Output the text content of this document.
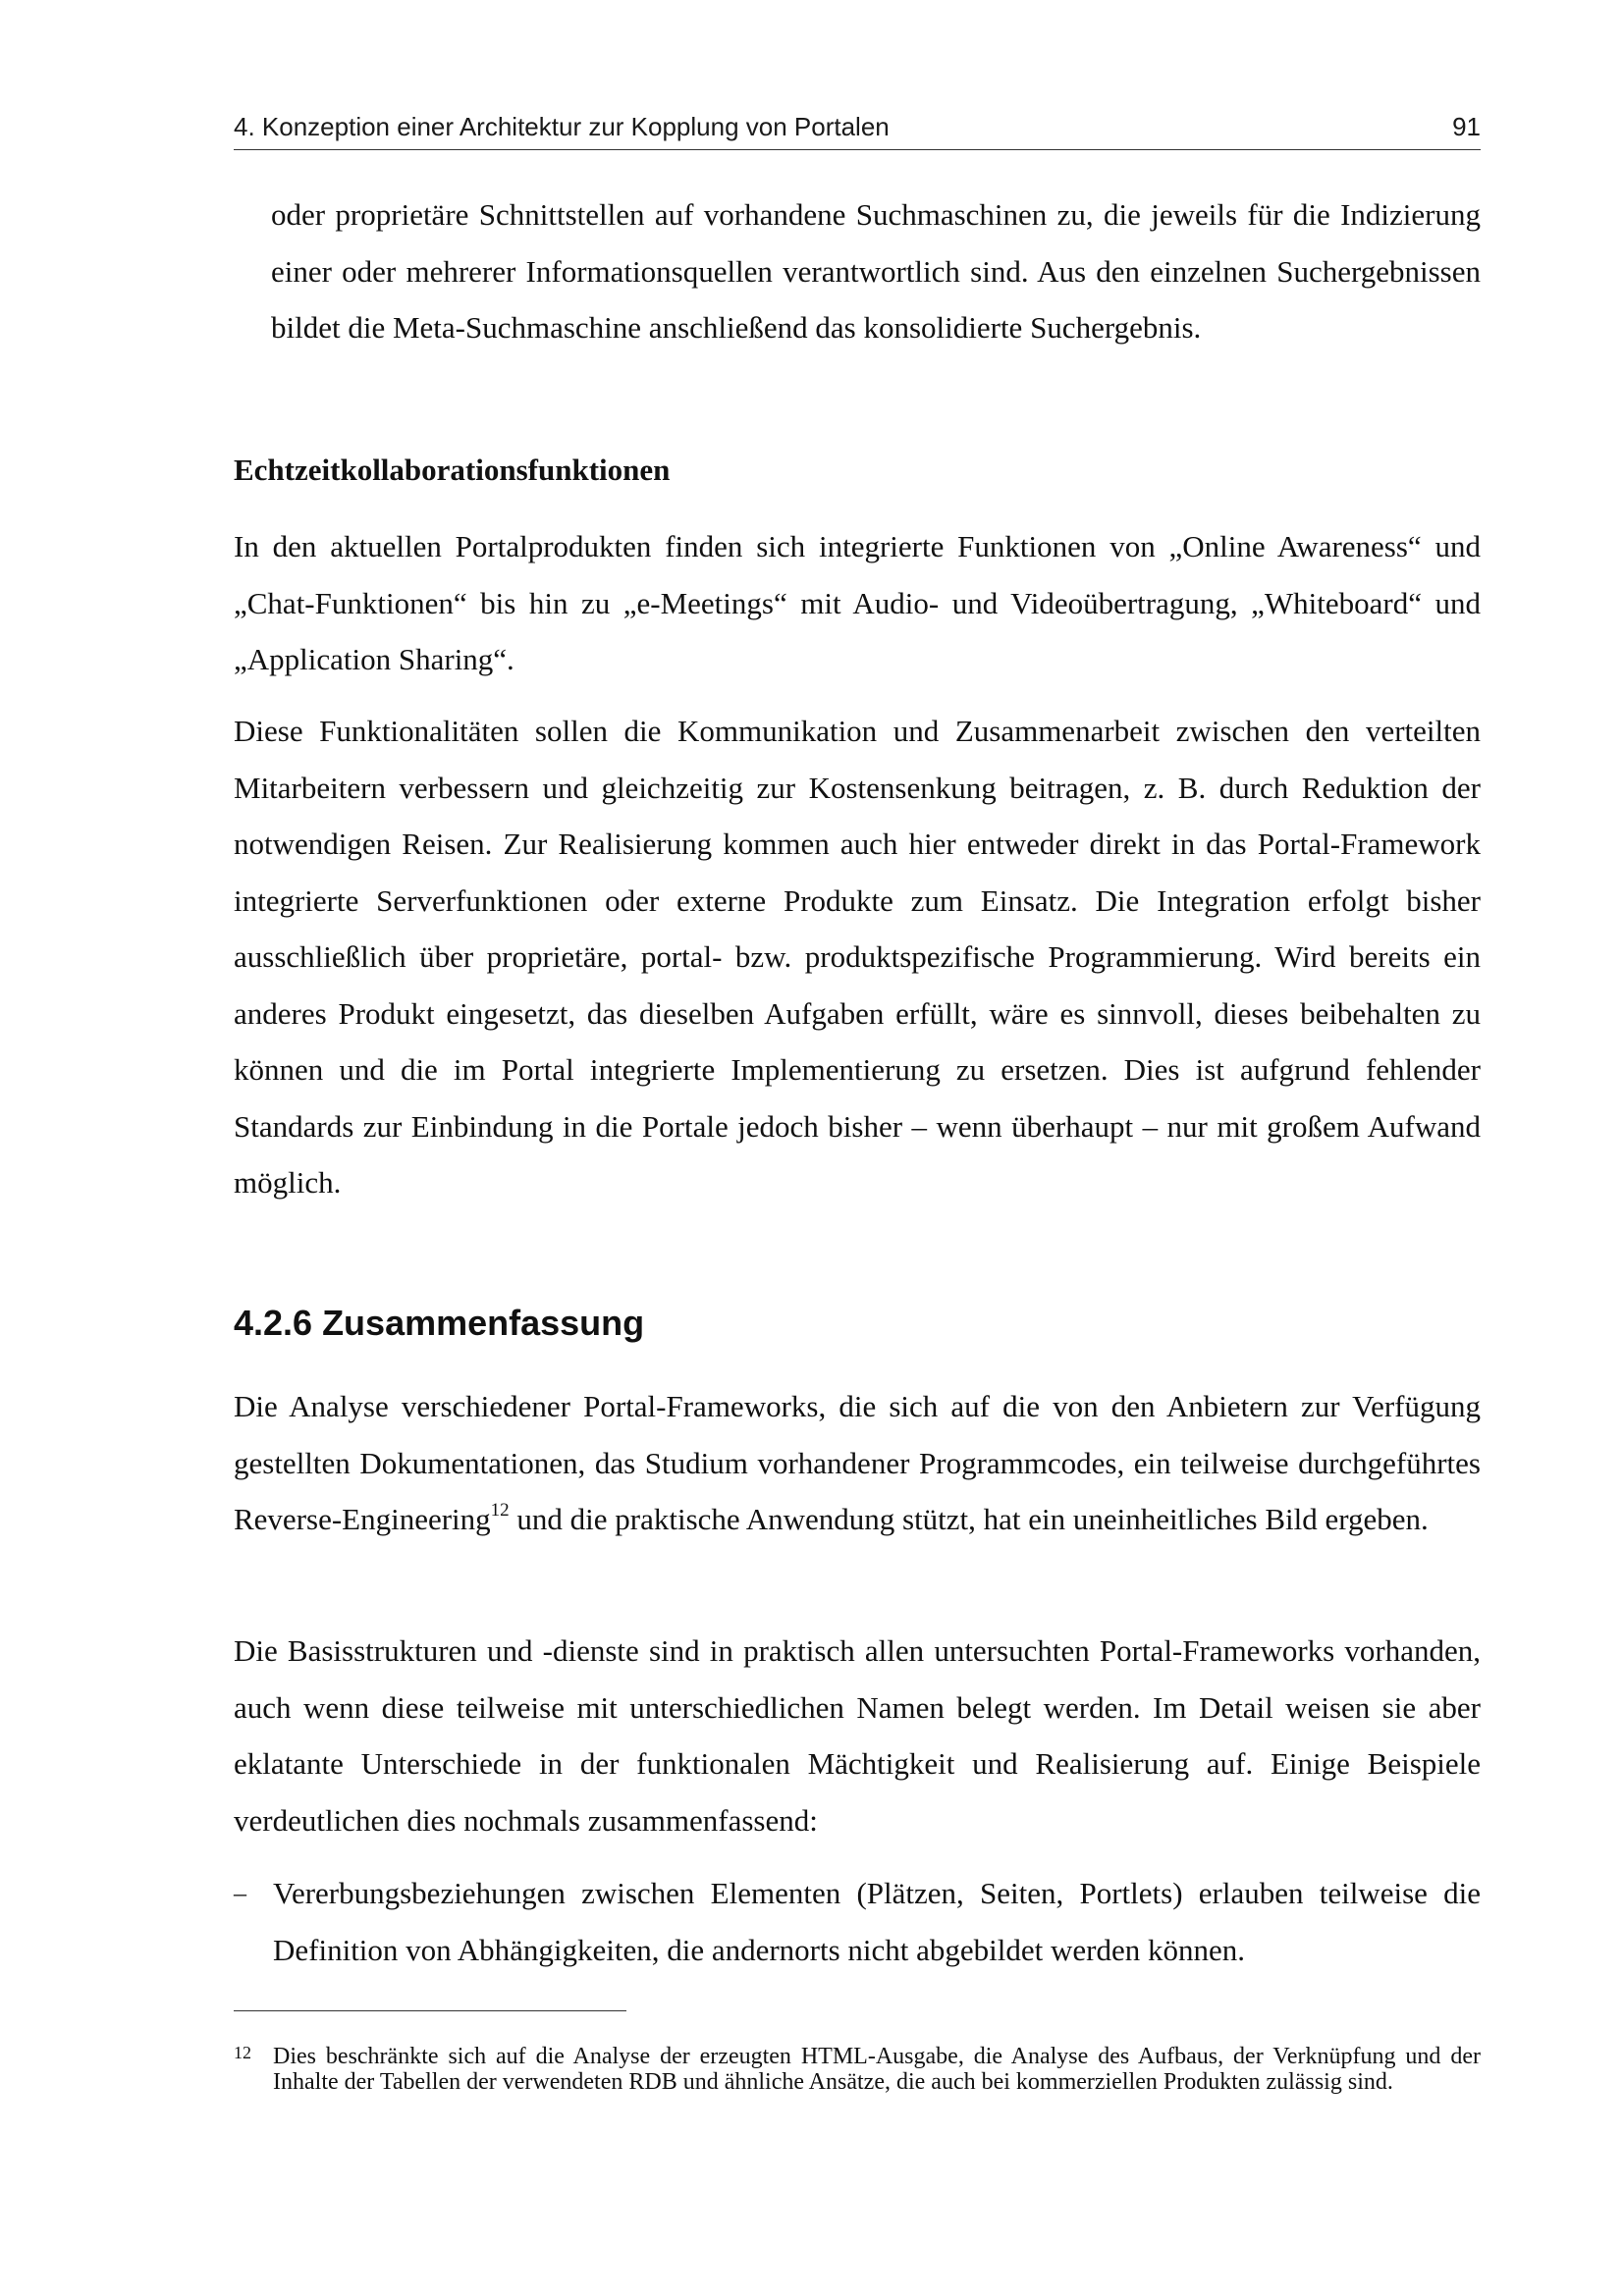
4. Konzeption einer Architektur zur Kopplung von Portalen	91

oder proprietäre Schnittstellen auf vorhandene Suchmaschinen zu, die jeweils für die Indizierung einer oder mehrerer Informationsquellen verantwortlich sind. Aus den einzelnen Suchergebnissen bildet die Meta-Suchmaschine anschließend das konsolidierte Suchergebnis.

Echtzeitkollaborationsfunktionen

In den aktuellen Portalprodukten finden sich integrierte Funktionen von „Online Awareness“ und „Chat-Funktionen“ bis hin zu „e-Meetings“ mit Audio- und Videoübertragung, „Whiteboard“ und „Application Sharing“.

Diese Funktionalitäten sollen die Kommunikation und Zusammenarbeit zwischen den verteilten Mitarbeitern verbessern und gleichzeitig zur Kostensenkung beitragen, z. B. durch Reduktion der notwendigen Reisen. Zur Realisierung kommen auch hier entweder direkt in das Portal-Framework integrierte Serverfunktionen oder externe Produkte zum Einsatz. Die Integration erfolgt bisher ausschließlich über proprietäre, portal- bzw. produktspezifische Programmierung. Wird bereits ein anderes Produkt eingesetzt, das dieselben Aufgaben erfüllt, wäre es sinnvoll, dieses beibehalten zu können und die im Portal integrierte Implementierung zu ersetzen. Dies ist aufgrund fehlender Standards zur Einbindung in die Portale jedoch bisher – wenn überhaupt – nur mit großem Aufwand möglich.

4.2.6 Zusammenfassung

Die Analyse verschiedener Portal-Frameworks, die sich auf die von den Anbietern zur Verfügung gestellten Dokumentationen, das Studium vorhandener Programmcodes, ein teilweise durchgeführtes Reverse-Engineering$^{12}$ und die praktische Anwendung stützt, hat ein uneinheitliches Bild ergeben.

Die Basisstrukturen und -dienste sind in praktisch allen untersuchten Portal-Frameworks vorhanden, auch wenn diese teilweise mit unterschiedlichen Namen belegt werden. Im Detail weisen sie aber eklatante Unterschiede in der funktionalen Mächtigkeit und Realisierung auf. Einige Beispiele verdeutlichen dies nochmals zusammenfassend:

– Vererbungsbeziehungen zwischen Elementen (Plätzen, Seiten, Portlets) erlauben teilweise die Definition von Abhängigkeiten, die andernorts nicht abgebildet werden können.

12 Dies beschränkte sich auf die Analyse der erzeugten HTML-Ausgabe, die Analyse des Aufbaus, der Verknüpfung und der Inhalte der Tabellen der verwendeten RDB und ähnliche Ansätze, die auch bei kommerziellen Produkten zulässig sind.
